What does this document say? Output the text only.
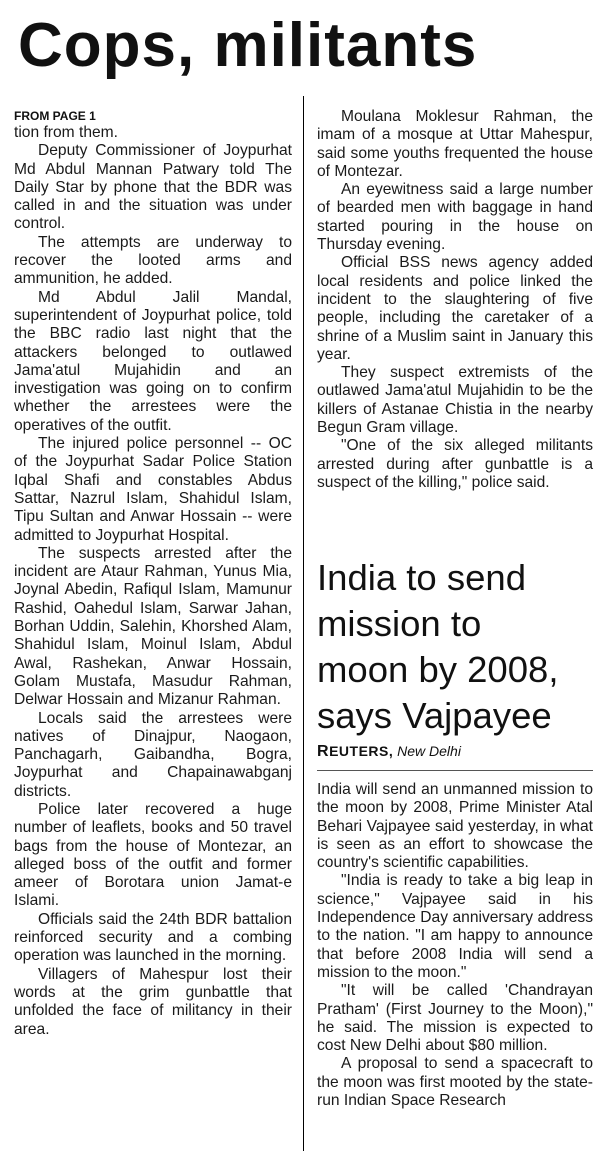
Cops, militants
FROM PAGE 1

tion from them.

Deputy Commissioner of Joypurhat Md Abdul Mannan Patwary told The Daily Star by phone that the BDR was called in and the situation was under control.

The attempts are underway to recover the looted arms and ammunition, he added.

Md Abdul Jalil Mandal, superintendent of Joypurhat police, told the BBC radio last night that the attackers belonged to outlawed Jama'atul Mujahidin and an investigation was going on to confirm whether the arrestees were the operatives of the outfit.

The injured police personnel -- OC of the Joypurhat Sadar Police Station Iqbal Shafi and constables Abdus Sattar, Nazrul Islam, Shahidul Islam, Tipu Sultan and Anwar Hossain -- were admitted to Joypurhat Hospital.

The suspects arrested after the incident are Ataur Rahman, Yunus Mia, Joynal Abedin, Rafiqul Islam, Mamunur Rashid, Oahedul Islam, Sarwar Jahan, Borhan Uddin, Salehin, Khorshed Alam, Shahidul Islam, Moinul Islam, Abdul Awal, Rashekan, Anwar Hossain, Golam Mustafa, Masudur Rahman, Delwar Hossain and Mizanur Rahman.

Locals said the arrestees were natives of Dinajpur, Naogaon, Panchagarh, Gaibandha, Bogra, Joypurhat and Chapainawabganj districts.

Police later recovered a huge number of leaflets, books and 50 travel bags from the house of Montezar, an alleged boss of the outfit and former ameer of Borotara union Jamat-e Islami.

Officials said the 24th BDR battalion reinforced security and a combing operation was launched in the morning.

Villagers of Mahespur lost their words at the grim gunbattle that unfolded the face of militancy in their area.

Moulana Moklesur Rahman, the imam of a mosque at Uttar Mahespur, said some youths frequented the house of Montezar.

An eyewitness said a large number of bearded men with baggage in hand started pouring in the house on Thursday evening.

Official BSS news agency added local residents and police linked the incident to the slaughtering of five people, including the caretaker of a shrine of a Muslim saint in January this year.

They suspect extremists of the outlawed Jama'atul Mujahidin to be the killers of Astanae Chistia in the nearby Begun Gram village.

"One of the six alleged militants arrested during after gunbattle is a suspect of the killing," police said.

India to send
mission to
moon by 2008,
says Vajpayee
REUTERS, New Delhi

India will send an unmanned mission to the moon by 2008, Prime Minister Atal Behari Vajpayee said yesterday, in what is seen as an effort to showcase the country's scientific capabilities.

"India is ready to take a big leap in science," Vajpayee said in his Independence Day anniversary address to the nation. "I am happy to announce that before 2008 India will send a mission to the moon."

"It will be called 'Chandrayan Pratham' (First Journey to the Moon)," he said. The mission is expected to cost New Delhi about $80 million.

A proposal to send a spacecraft to the moon was first mooted by the state-run Indian Space Research
